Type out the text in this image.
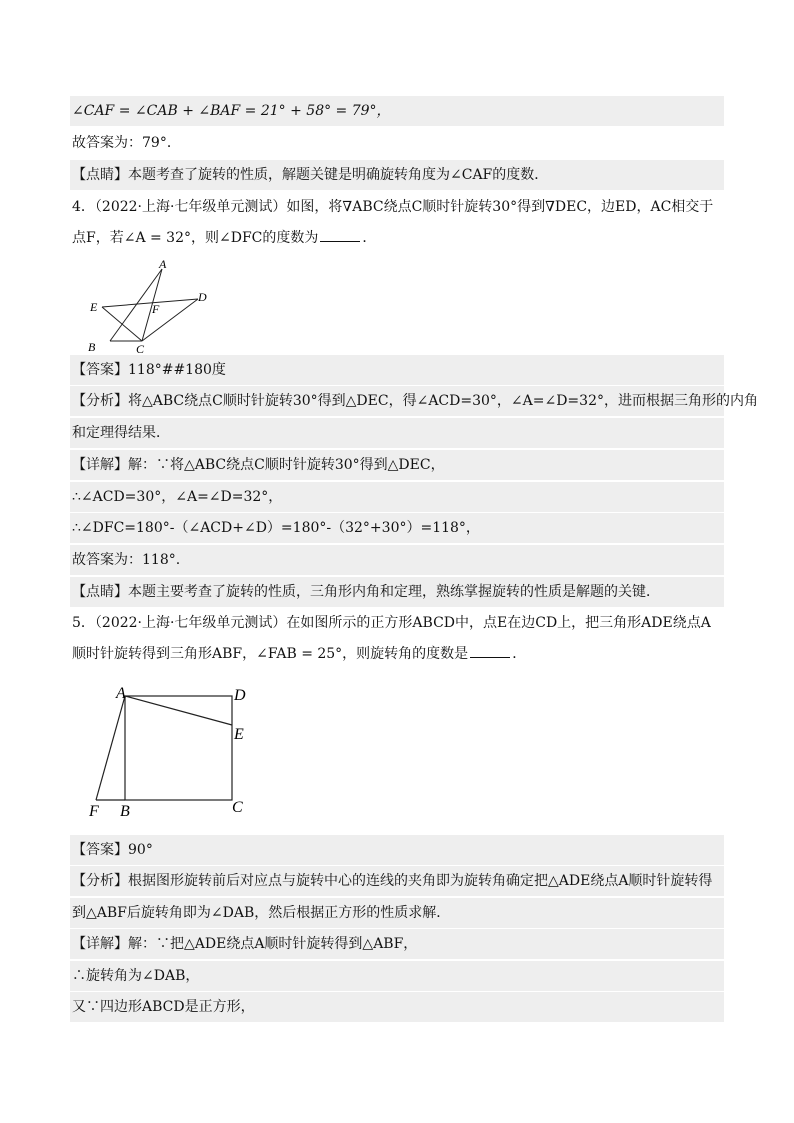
∠CAF = ∠CAB + ∠BAF = 21° + 58° = 79°，
故答案为：79°．
【点睛】本题考查了旋转的性质，解题关键是明确旋转角度为∠CAF的度数．
4．（2022·上海·七年级单元测试）如图，将∇ABC绕点C顺时针旋转30°得到∇DEC，边ED，AC相交于
点F，若∠A = 32°，则∠DFC的度数为	．
A
E
D
F
B	C
【答案】118°##180度
【分析】将△ABC绕点C顺时针旋转30°得到△DEC，得∠ACD=30°，∠A=∠D=32°，进而根据三角形的内角
和定理得结果．
【详解】解：∵将△ABC绕点C顺时针旋转30°得到△DEC，
∴∠ACD=30°，∠A=∠D=32°，
∴∠DFC=180°-（∠ACD+∠D）=180°-（32°+30°）=118°，
故答案为：118°.
【点睛】本题主要考查了旋转的性质，三角形内角和定理，熟练掌握旋转的性质是解题的关键．
5．（2022·上海·七年级单元测试）在如图所示的正方形ABCD中，点E在边CD上，把三角形ADE绕点A
顺时针旋转得到三角形ABF，∠FAB = 25°，则旋转角的度数是	．
A	D
E
F B	C
【答案】90°
【分析】根据图形旋转前后对应点与旋转中心的连线的夹角即为旋转角确定把△ADE绕点A顺时针旋转得
到△ABF后旋转角即为∠DAB，然后根据正方形的性质求解．
【详解】解：∵把△ADE绕点A顺时针旋转得到△ABF，
∴旋转角为∠DAB，
又∵四边形ABCD是正方形，
